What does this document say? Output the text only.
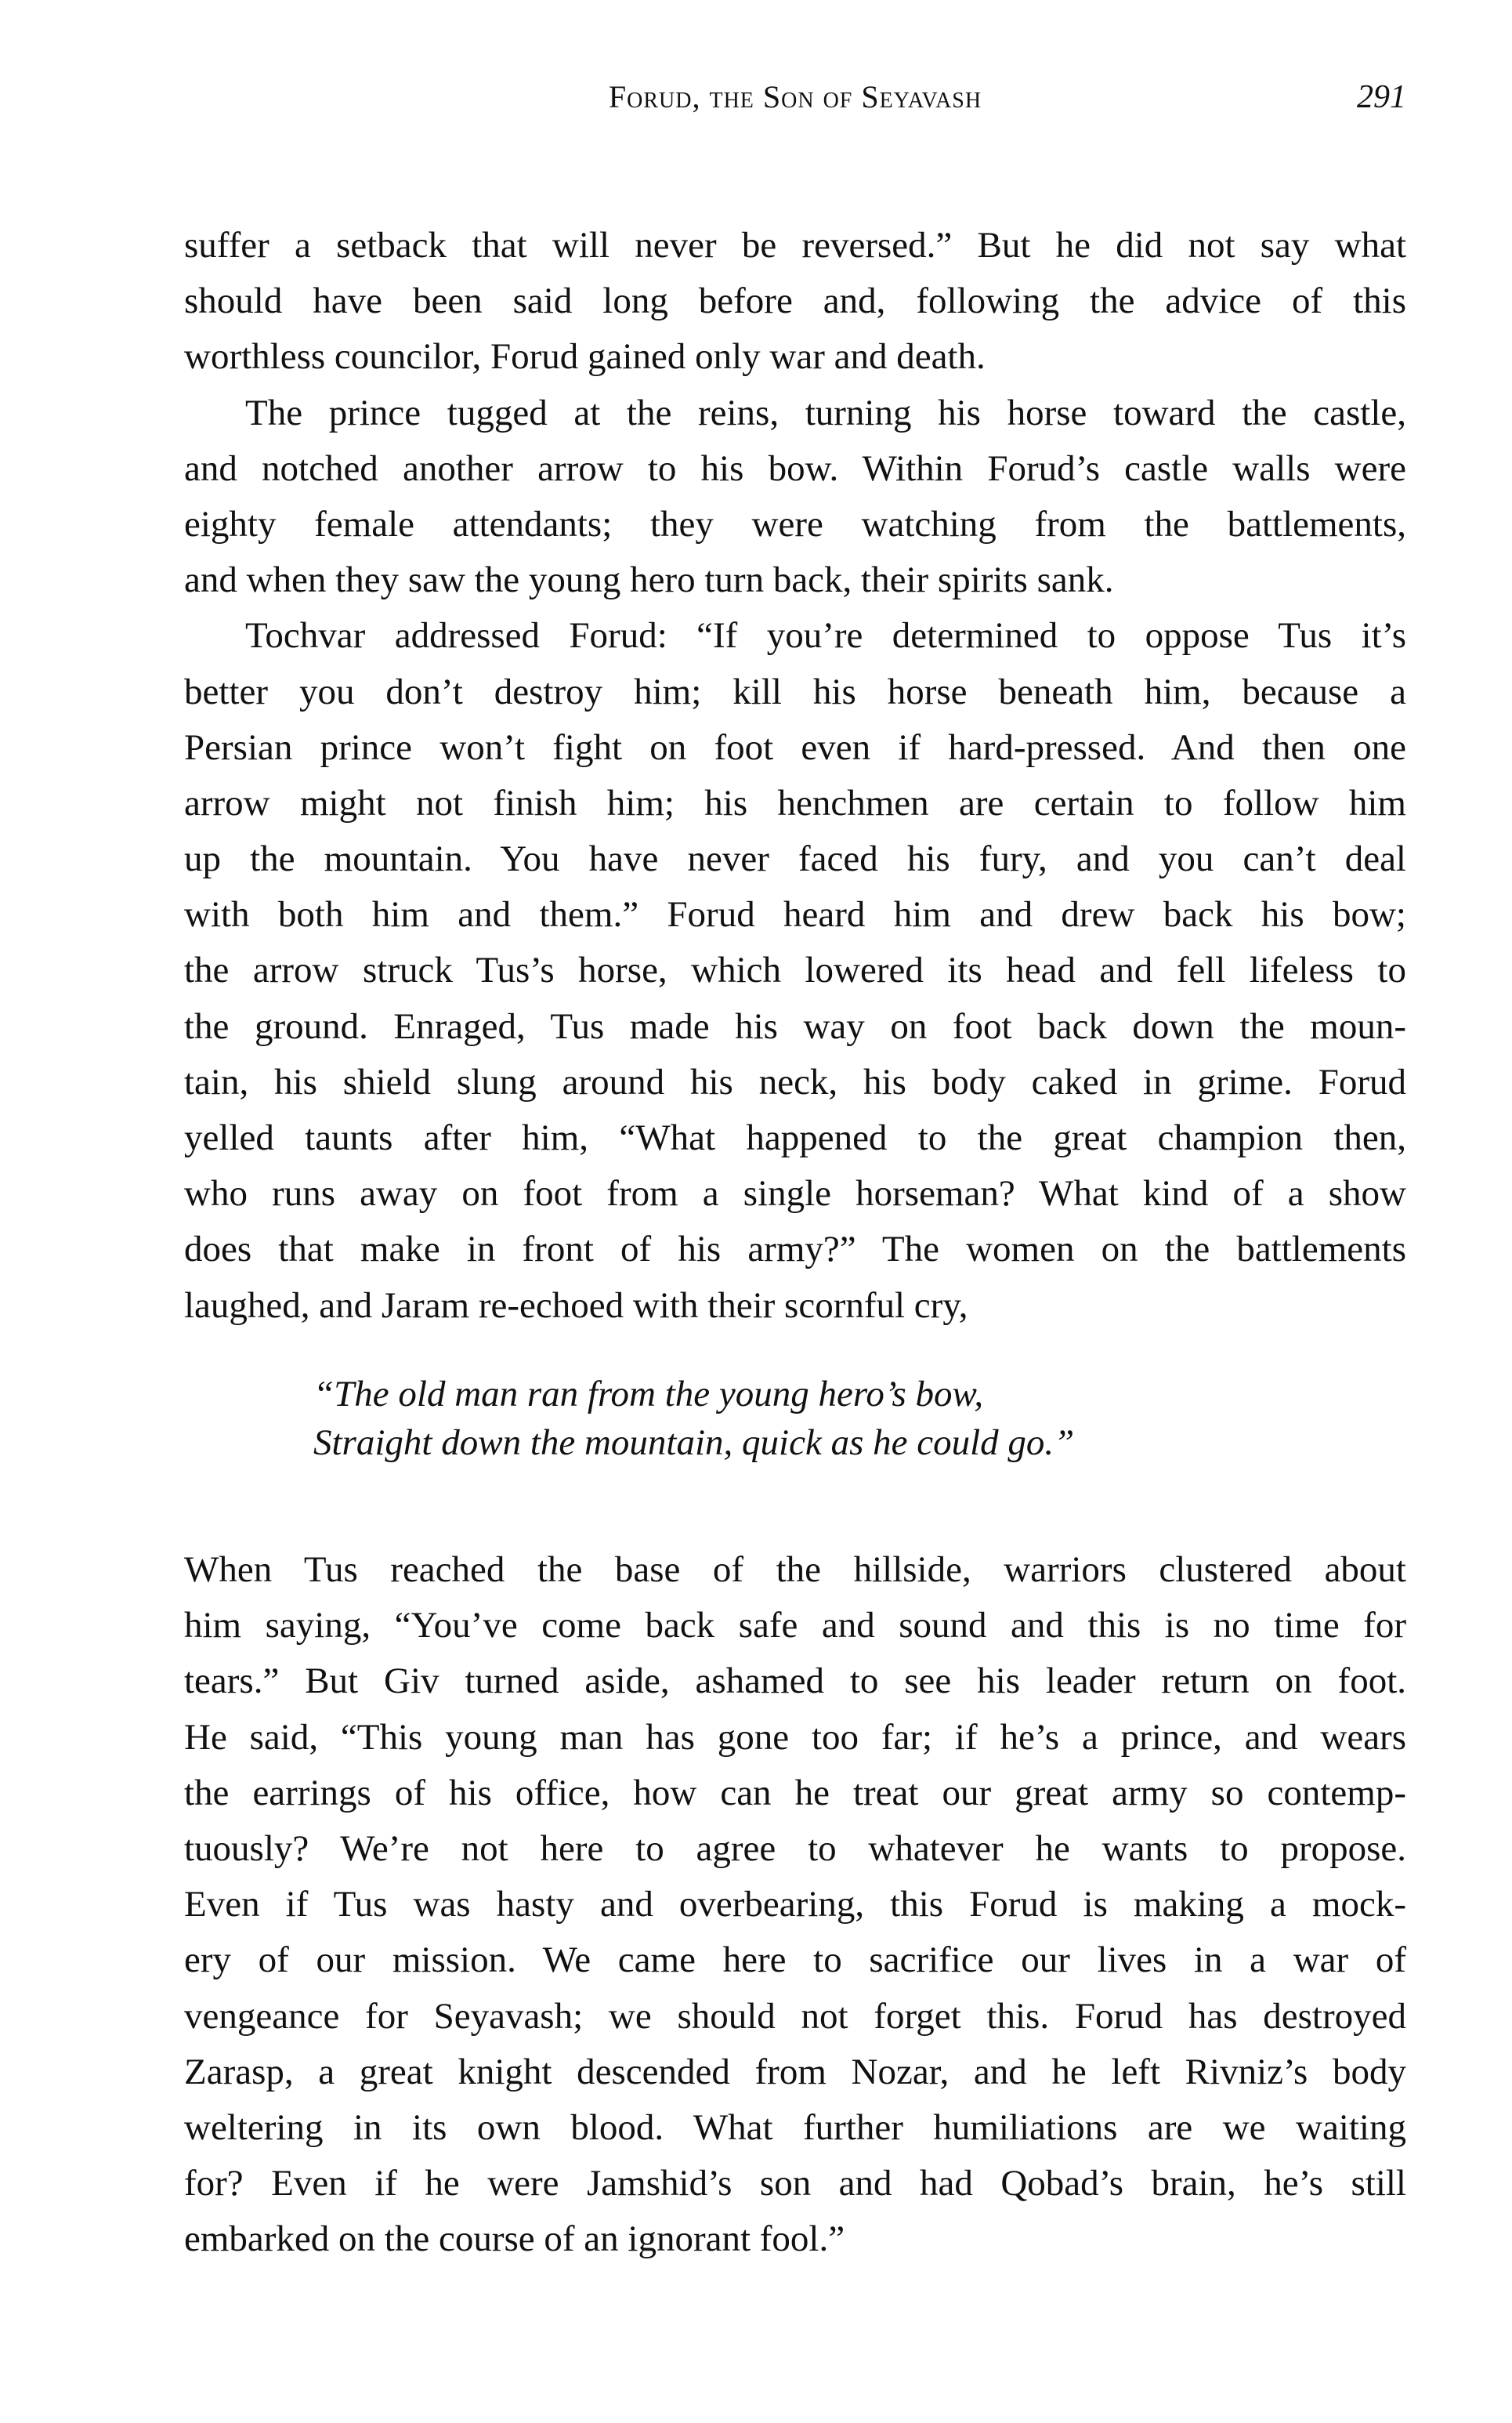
Forud, the Son of Seyavash	291
suffer a setback that will never be reversed.” But he did not say what
should have been said long before and, following the advice of this
worthless councilor, Forud gained only war and death.
The prince tugged at the reins, turning his horse toward the castle,
and notched another arrow to his bow. Within Forud’s castle walls were
eighty female attendants; they were watching from the battlements,
and when they saw the young hero turn back, their spirits sank.
Tochvar addressed Forud: “If you’re determined to oppose Tus it’s
better you don’t destroy him; kill his horse beneath him, because a
Persian prince won’t fight on foot even if hard-pressed. And then one
arrow might not finish him; his henchmen are certain to follow him
up the mountain. You have never faced his fury, and you can’t deal
with both him and them.” Forud heard him and drew back his bow;
the arrow struck Tus’s horse, which lowered its head and fell lifeless to
the ground. Enraged, Tus made his way on foot back down the moun-
tain, his shield slung around his neck, his body caked in grime. Forud
yelled taunts after him, “What happened to the great champion then,
who runs away on foot from a single horseman? What kind of a show
does that make in front of his army?” The women on the battlements
laughed, and Jaram re-echoed with their scornful cry,
“The old man ran from the young hero’s bow,
Straight down the mountain, quick as he could go.”
When Tus reached the base of the hillside, warriors clustered about
him saying, “You’ve come back safe and sound and this is no time for
tears.” But Giv turned aside, ashamed to see his leader return on foot.
He said, “This young man has gone too far; if he’s a prince, and wears
the earrings of his office, how can he treat our great army so contemp-
tuously? We’re not here to agree to whatever he wants to propose.
Even if Tus was hasty and overbearing, this Forud is making a mock-
ery of our mission. We came here to sacrifice our lives in a war of
vengeance for Seyavash; we should not forget this. Forud has destroyed
Zarasp, a great knight descended from Nozar, and he left Rivniz’s body
weltering in its own blood. What further humiliations are we waiting
for? Even if he were Jamshid’s son and had Qobad’s brain, he’s still
embarked on the course of an ignorant fool.”
